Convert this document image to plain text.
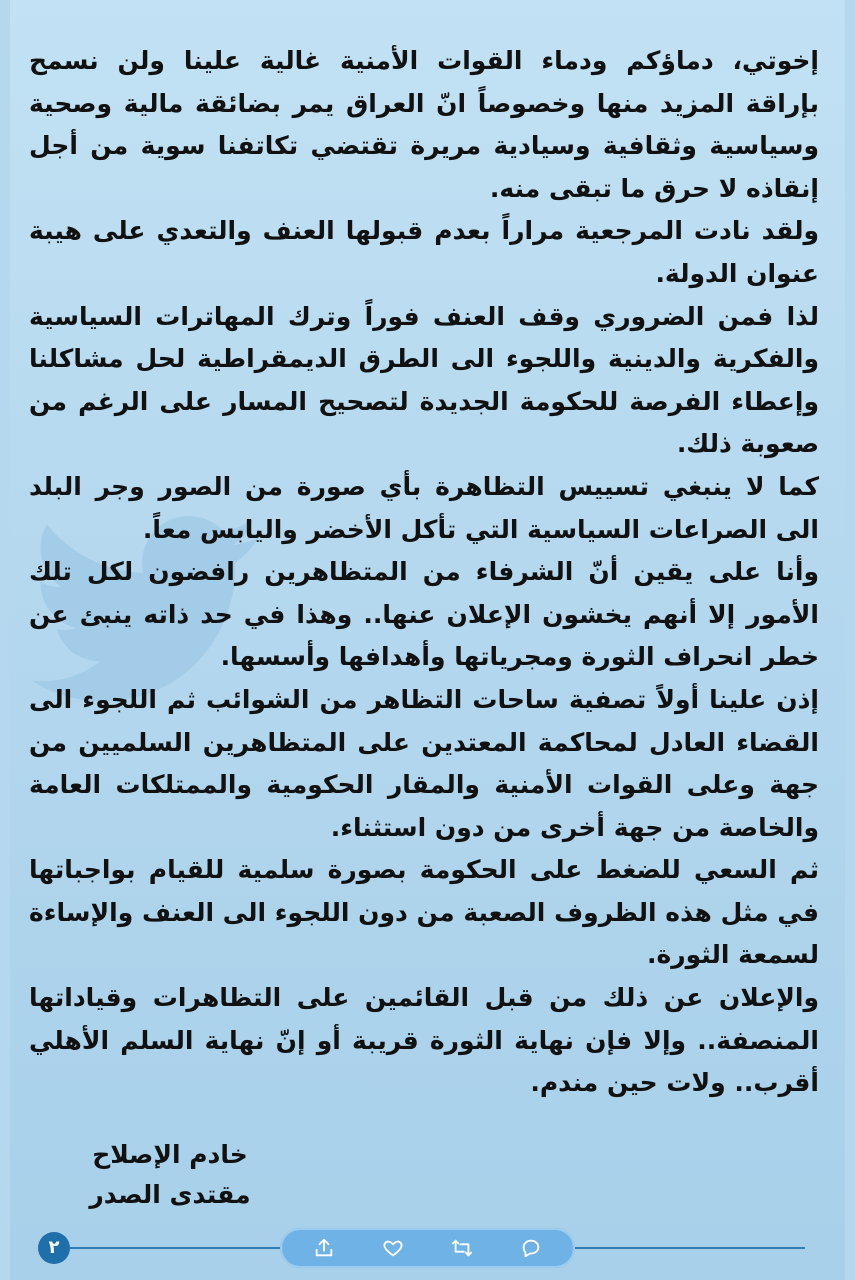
إخوتي، دماؤكم ودماء القوات الأمنية غالية علينا ولن نسمح بإراقة المزيد منها وخصوصاً انّ العراق يمر بضائقة مالية وصحية وسياسية وثقافية وسيادية مريرة تقتضي تكاتفنا سوية من أجل إنقاذه لا حرق ما تبقى منه.

ولقد نادت المرجعية مراراً بعدم قبولها العنف والتعدي على هيبة عنوان الدولة.

لذا فمن الضروري وقف العنف فوراً وترك المهاترات السياسية والفكرية والدينية واللجوء الى الطرق الديمقراطية لحل مشاكلنا وإعطاء الفرصة للحكومة الجديدة لتصحيح المسار على الرغم من صعوبة ذلك.

كما لا ينبغي تسييس التظاهرة بأي صورة من الصور وجر البلد الى الصراعات السياسية التي تأكل الأخضر واليابس معاً.

وأنا على يقين أنّ الشرفاء من المتظاهرين رافضون لكل تلك الأمور إلا أنهم يخشون الإعلان عنها.. وهذا في حد ذاته ينبئ عن خطر انحراف الثورة ومجرياتها وأهدافها وأسسها.

إذن علينا أولاً تصفية ساحات التظاهر من الشوائب ثم اللجوء الى القضاء العادل لمحاكمة المعتدين على المتظاهرين السلميين من جهة وعلى القوات الأمنية والمقار الحكومية والممتلكات العامة والخاصة من جهة أخرى من دون استثناء.

ثم السعي للضغط على الحكومة بصورة سلمية للقيام بواجباتها في مثل هذه الظروف الصعبة من دون اللجوء الى العنف والإساءة لسمعة الثورة.

والإعلان عن ذلك من قبل القائمين على التظاهرات وقياداتها المنصفة.. وإلا فإن نهاية الثورة قريبة أو إنّ نهاية السلم الأهلي أقرب.. ولات حين مندم.

خادم الإصلاح
مقتدى الصدر
٢
